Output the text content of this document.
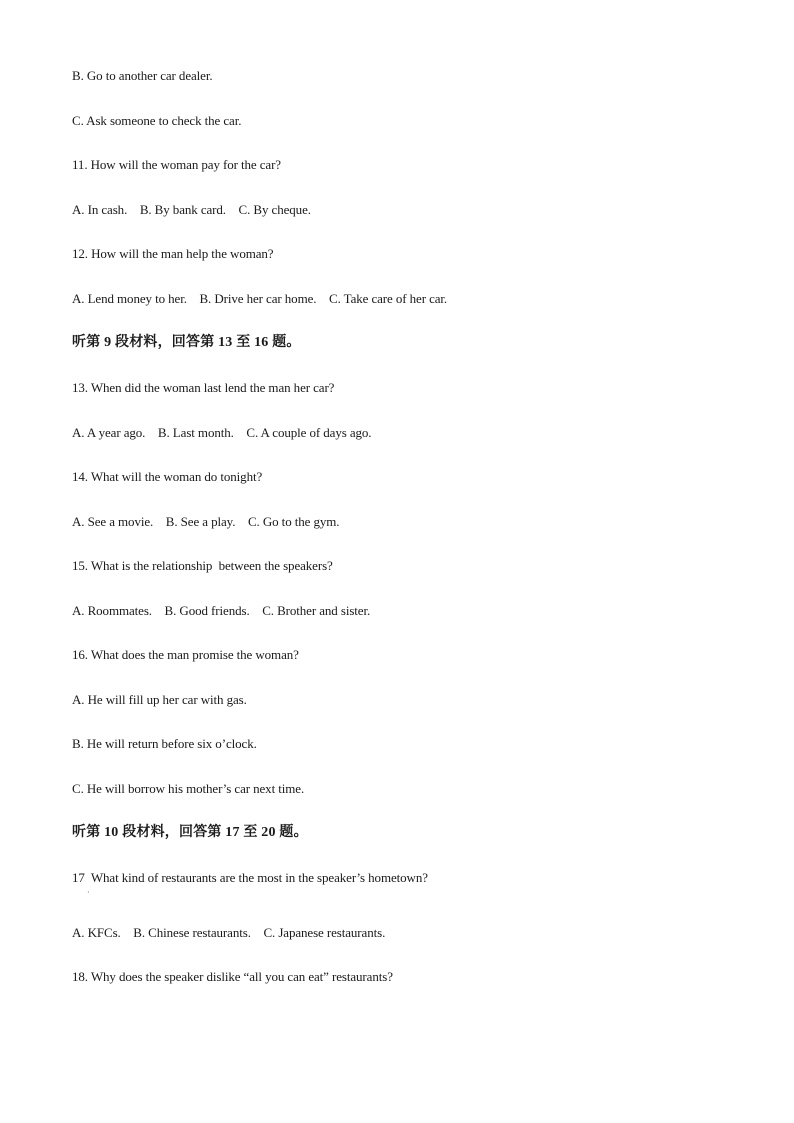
B. Go to another car dealer.
C. Ask someone to check the car.
11. How will the woman pay for the car?
A. In cash.    B. By bank card.    C. By cheque.
12. How will the man help the woman?
A. Lend money to her.    B. Drive her car home.    C. Take care of her car.
听第 9 段材料，回答第 13 至 16 题。
13. When did the woman last lend the man her car?
A. A year ago.    B. Last month.    C. A couple of days ago.
14. What will the woman do tonight?
A. See a movie.    B. See a play.    C. Go to the gym.
15. What is the relationship  between the speakers?
A. Roommates.    B. Good friends.    C. Brother and sister.
16. What does the man promise the woman?
A. He will fill up her car with gas.
B. He will return before six o’clock.
C. He will borrow his mother’s car next time.
听第 10 段材料，回答第 17 至 20 题。
17  What kind of restaurants are the most in the speaker’s hometown?
·
A. KFCs.    B. Chinese restaurants.    C. Japanese restaurants.
18. Why does the speaker dislike “all you can eat” restaurants?
